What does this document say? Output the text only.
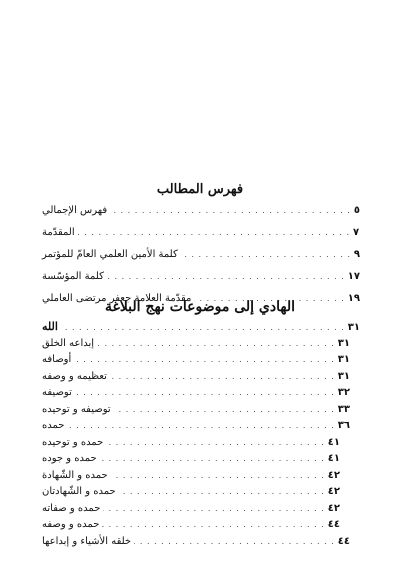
فهرس المطالب
فهرس الإجمالي . . .	٥
المقدّمة . . .	٧
كلمة الأمين العلمي العامّ للمؤتمر . . .	٩
كلمة المؤسّسة . . .	١٧
مقدّمة العلامة جعفر مرتضى العاملي . . .	١٩
الهادي إلى موضوعات نهج البلاغة
الله . . .	٣١
إبداعه الخلق . . .	٣١
أوصافه . . .	٣١
تعظيمه و وصفه . . .	٣١
توصيفه . . .	٣٢
توصيفه و توحيده . . .	٣٣
حمده . . .	٣٦
حمده و توحيده . . .	٤١
حمده و جوده . . .	٤١
حمده و الشّهادة . . .	٤٢
حمده و الشّهادتان . . .	٤٢
حمده و صفاته . . .	٤٢
حمده و وصفه . . .	٤٤
خلقه الأشياء و إبداعها . . .	٤٤
